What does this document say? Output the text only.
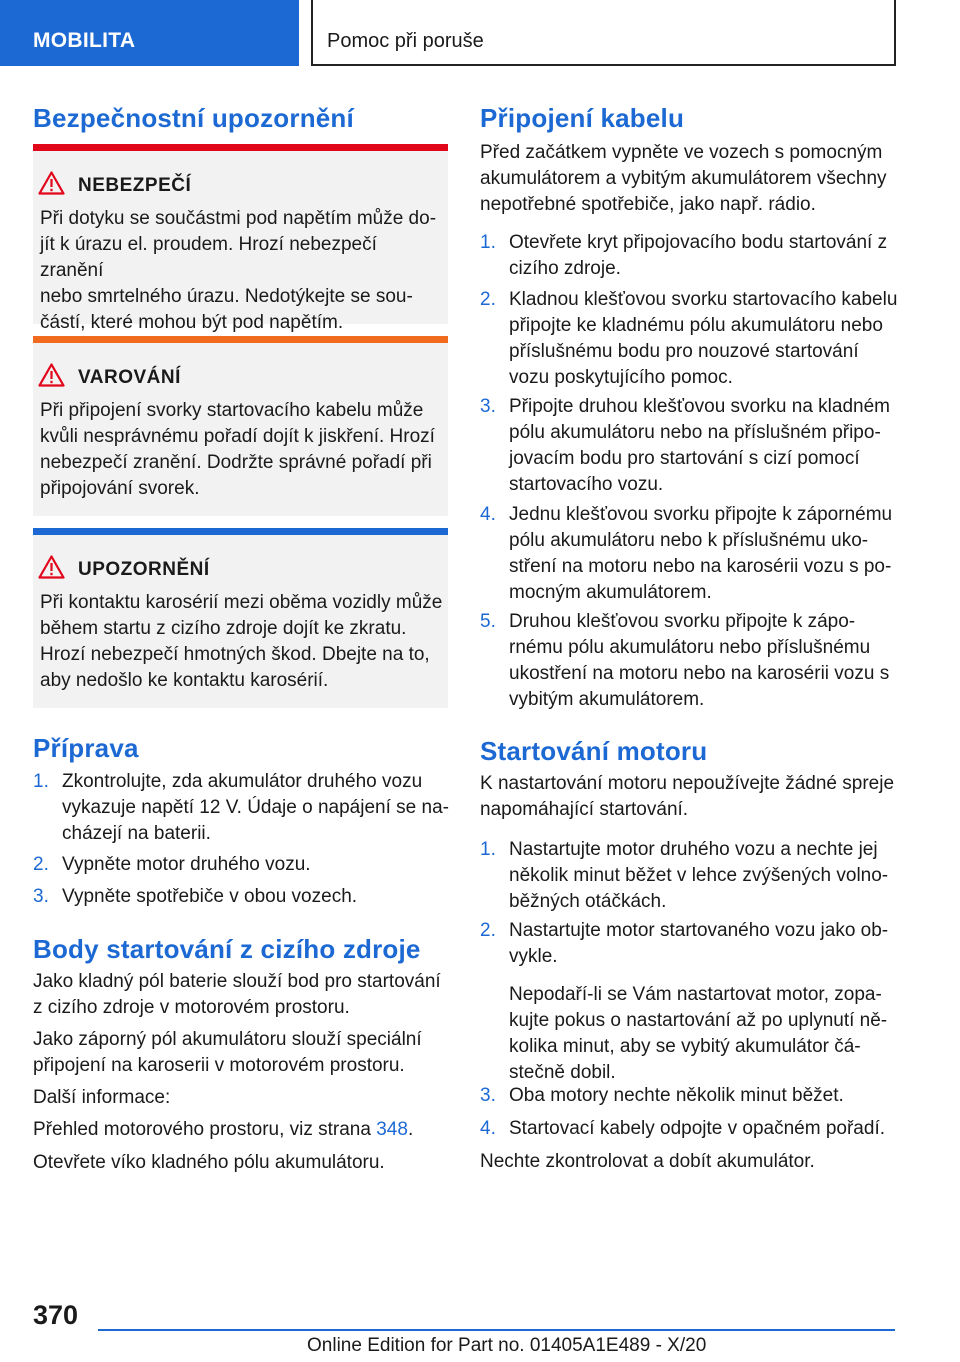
MOBILITA	Pomoc při poruše
Bezpečnostní upozornění
NEBEZPEČÍ
Při dotyku se součástmi pod napětím může do‐
jít k úrazu el. proudem. Hrozí nebezpečí zranění
nebo smrtelného úrazu. Nedotýkejte se sou‐
částí, které mohou být pod napětím.
VAROVÁNÍ
Při připojení svorky startovacího kabelu může
kvůli nesprávnému pořadí dojít k jiskření. Hrozí
nebezpečí zranění. Dodržte správné pořadí při
připojování svorek.
UPOZORNĚNÍ
Při kontaktu karosérií mezi oběma vozidly může
během startu z cizího zdroje dojít ke zkratu.
Hrozí nebezpečí hmotných škod. Dbejte na to,
aby nedošlo ke kontaktu karosérií.
Příprava
1. Zkontrolujte, zda akumulátor druhého vozu
vykazuje napětí 12 V. Údaje o napájení se na‐
cházejí na baterii.
2. Vypněte motor druhého vozu.
3. Vypněte spotřebiče v obou vozech.
Body startování z cizího zdroje

Jako kladný pól baterie slouží bod pro startování
z cizího zdroje v motorovém prostoru.

Jako záporný pól akumulátoru slouží speciální
připojení na karoserii v motorovém prostoru.

Další informace:

Přehled motorového prostoru, viz strana 348.

Otevřete víko kladného pólu akumulátoru.

Připojení kabelu

Před začátkem vypněte ve vozech s pomocným
akumulátorem a vybitým akumulátorem všechny
nepotřebné spotřebiče, jako např. rádio.

1. Otevřete kryt připojovacího bodu startování z
cizího zdroje.
2. Kladnou klešťovou svorku startovacího kabelu
připojte ke kladnému pólu akumulátoru nebo
příslušnému bodu pro nouzové startování
vozu poskytujícího pomoc.
3. Připojte druhou klešťovou svorku na kladném
pólu akumulátoru nebo na příslušném připo‐
jovacím bodu pro startování s cizí pomocí
startovacího vozu.
4. Jednu klešťovou svorku připojte k zápornému
pólu akumulátoru nebo k příslušnému uko‐
stření na motoru nebo na karosérii vozu s po‐
mocným akumulátorem.
5. Druhou klešťovou svorku připojte k zápo‐
rnému pólu akumulátoru nebo příslušnému
ukostření na motoru nebo na karosérii vozu s
vybitým akumulátorem.
Startování motoru

K nastartování motoru nepoužívejte žádné spreje
napomáhající startování.

1. Nastartujte motor druhého vozu a nechte jej
několik minut běžet v lehce zvýšených volno‐
běžných otáčkách.
2. Nastartujte motor startovaného vozu jako ob‐
vykle.
Nepodaří-li se Vám nastartovat motor, zopa‐
kujte pokus o nastartování až po uplynutí ně‐
kolika minut, aby se vybitý akumulátor čá‐
stečně dobil.
3. Oba motory nechte několik minut běžet.
4. Startovací kabely odpojte v opačném pořadí.

Nechte zkontrolovat a dobít akumulátor.

370
Online Edition for Part no. 01405A1E489 - X/20
